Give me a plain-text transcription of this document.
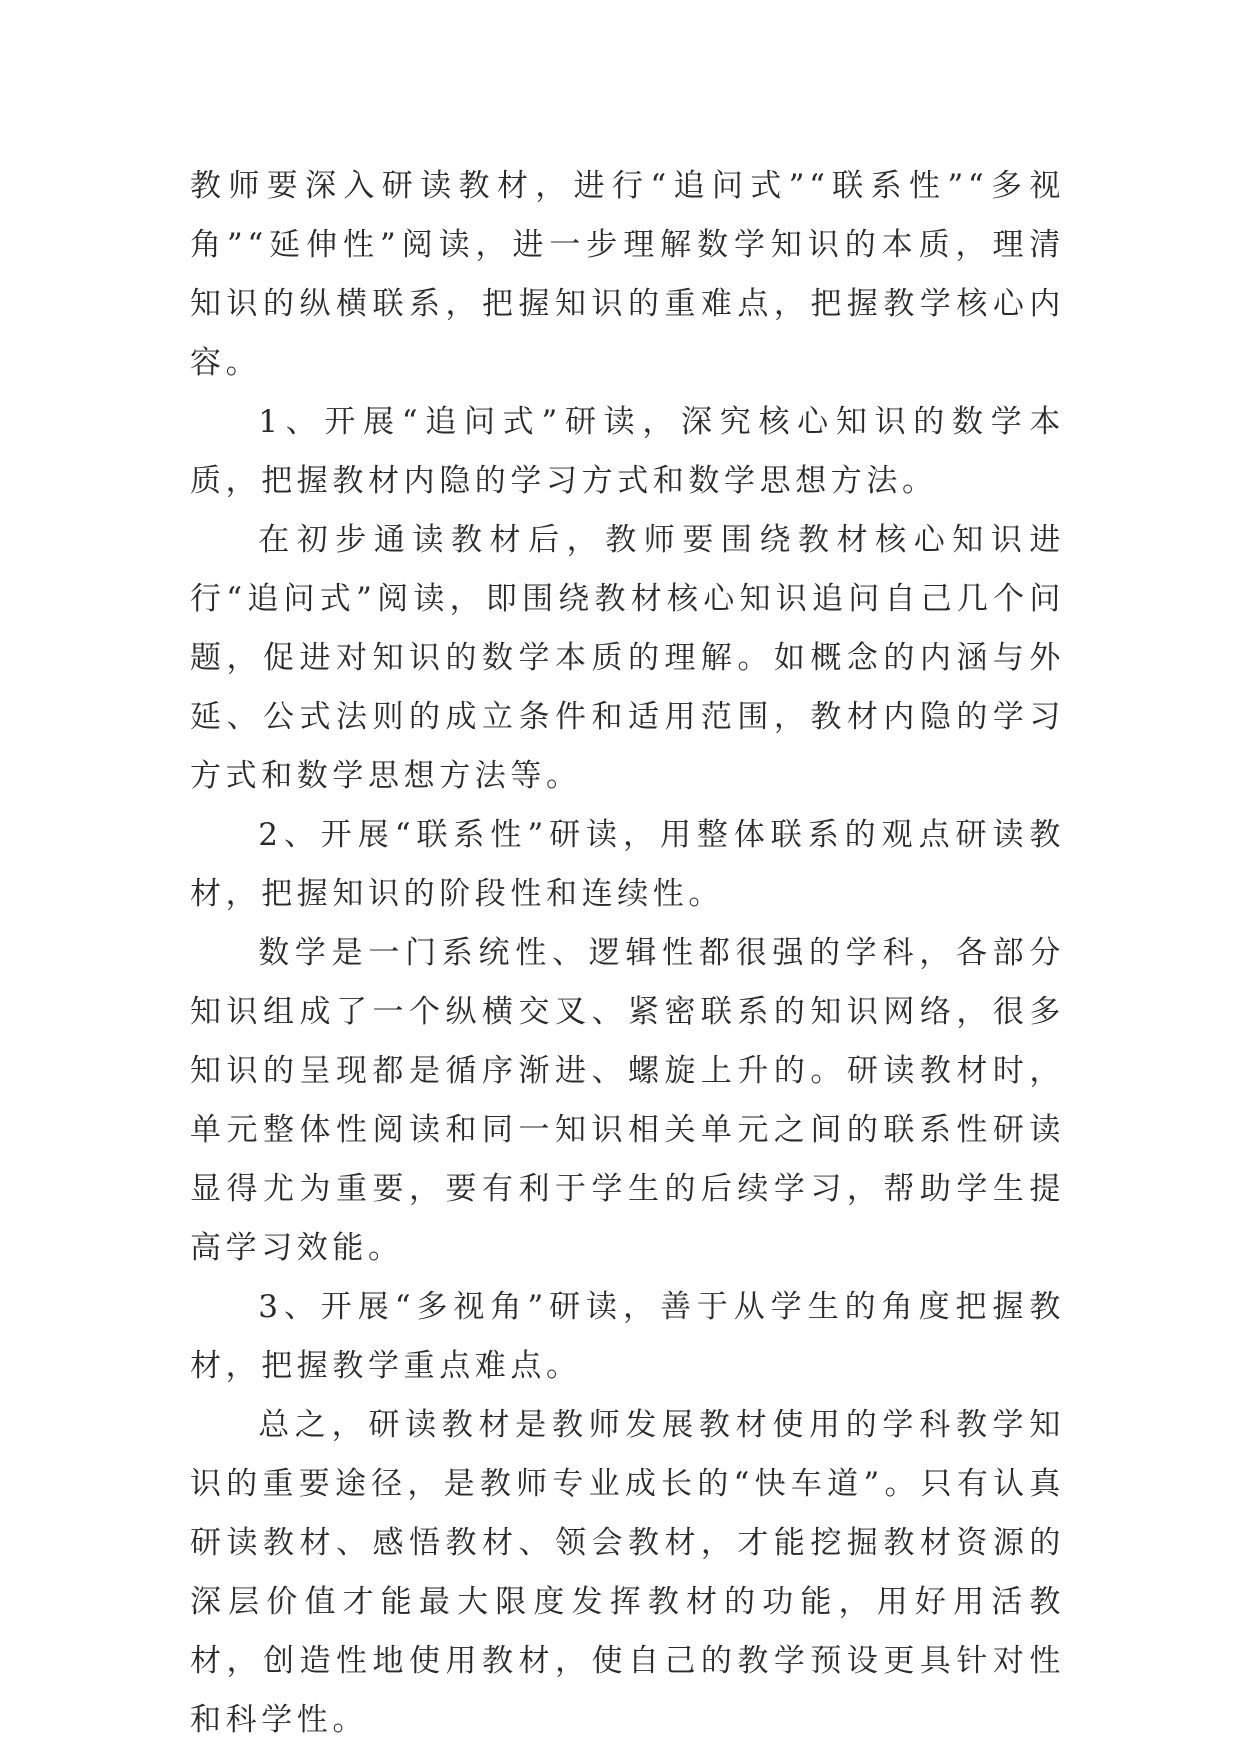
教师要深入研读教材，进行“追问式”“联系性”“多视角”“延伸性”阅读，进一步理解数学知识的本质，理清知识的纵横联系，把握知识的重难点，把握教学核心内容。

1、开展“追问式”研读，深究核心知识的数学本质，把握教材内隐的学习方式和数学思想方法。

在初步通读教材后，教师要围绕教材核心知识进行“追问式”阅读，即围绕教材核心知识追问自己几个问题，促进对知识的数学本质的理解。如概念的内涵与外延、公式法则的成立条件和适用范围，教材内隐的学习方式和数学思想方法等。

2、开展“联系性”研读，用整体联系的观点研读教材，把握知识的阶段性和连续性。

数学是一门系统性、逻辑性都很强的学科，各部分知识组成了一个纵横交叉、紧密联系的知识网络，很多知识的呈现都是循序渐进、螺旋上升的。研读教材时，单元整体性阅读和同一知识相关单元之间的联系性研读显得尤为重要，要有利于学生的后续学习，帮助学生提高学习效能。

3、开展“多视角”研读，善于从学生的角度把握教材，把握教学重点难点。

总之，研读教材是教师发展教材使用的学科教学知识的重要途径，是教师专业成长的“快车道”。只有认真研读教材、感悟教材、领会教材，才能挖掘教材资源的深层价值才能最大限度发挥教材的功能，用好用活教材，创造性地使用教材，使自己的教学预设更具针对性和科学性。
